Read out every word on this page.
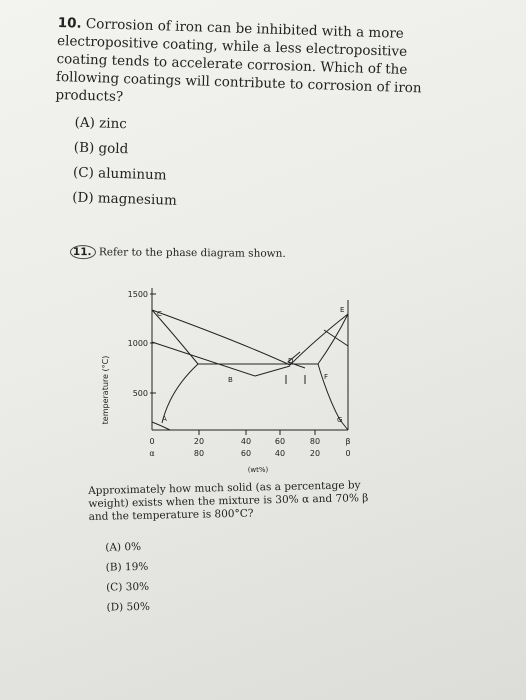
10. Corrosion of iron can be inhibited with a more electropositive coating, while a less electropositive coating tends to accelerate corrosion. Which of the following coatings will contribute to corrosion of iron products?
(A) zinc
(B) gold
(C) aluminum
(D) magnesium
11. Refer to the phase diagram shown.
temperature (°C)
1500
1000
500
A
B
C
D
E
F
G
0
α
20
80
40
60
60
40
80
20
β
0
(wt%)
Approximately how much solid (as a percentage by weight) exists when the mixture is 30% α and 70% β and the temperature is 800°C?
(A) 0%
(B) 19%
(C) 30%
(D) 50%
